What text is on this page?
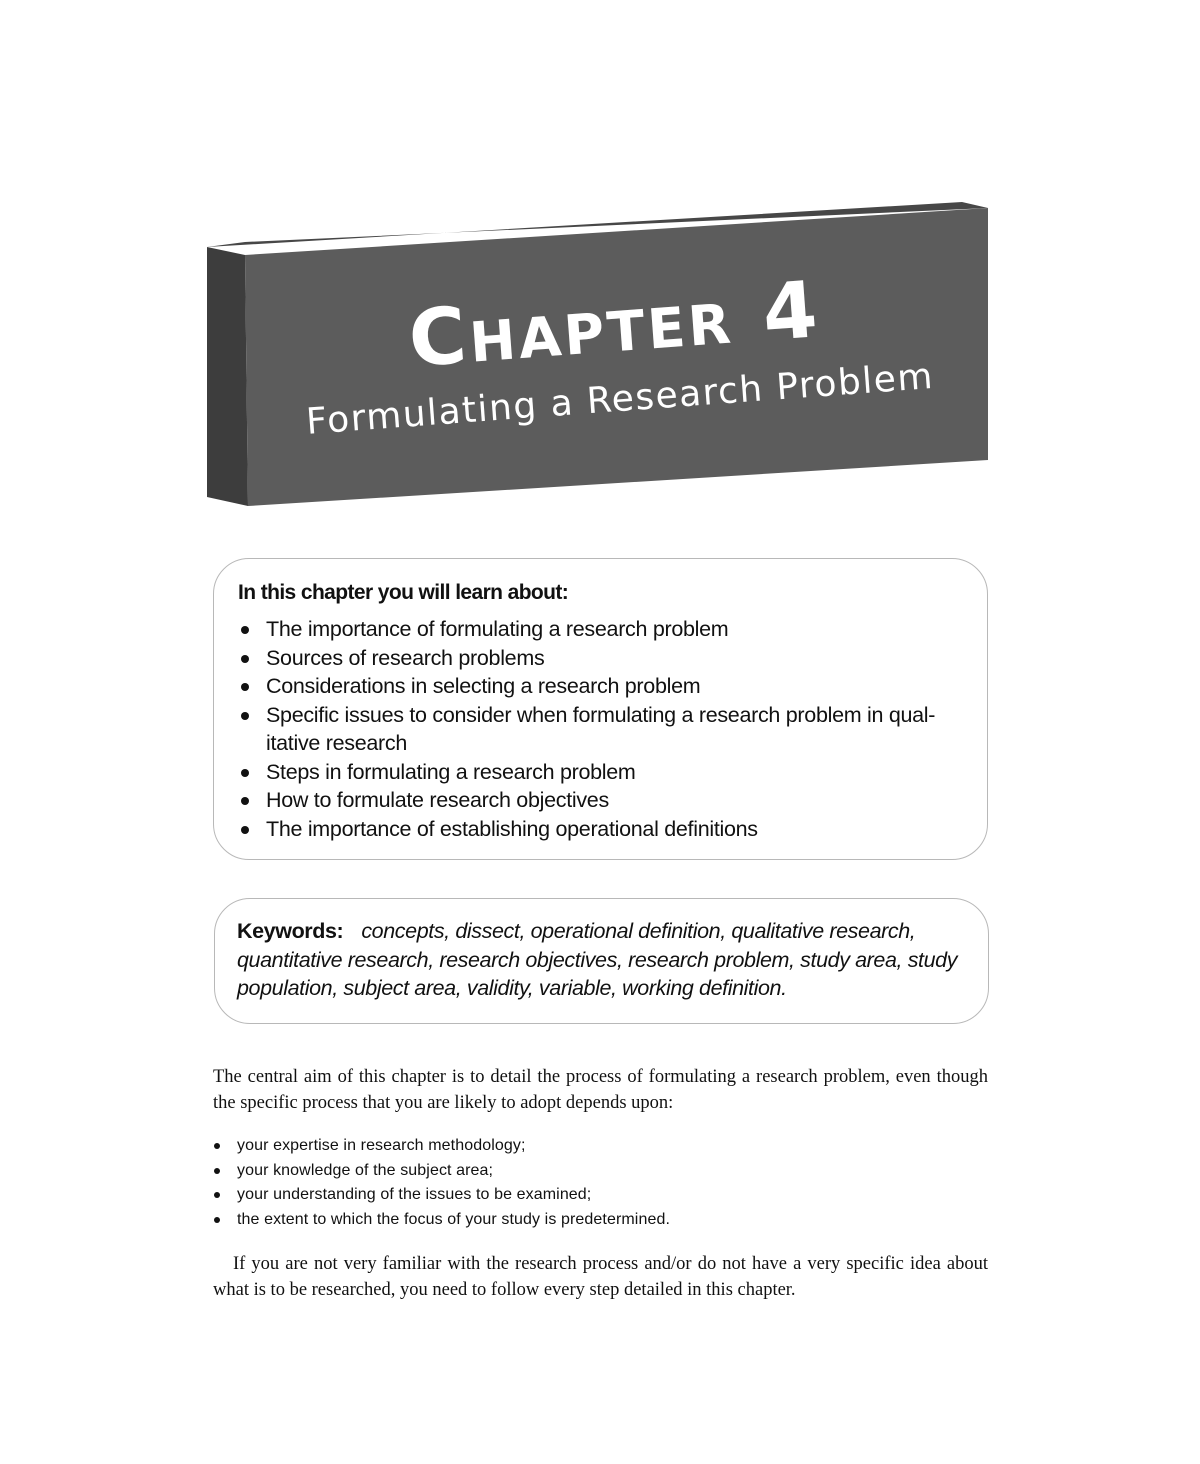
Chapter 4
Formulating a Research Problem
In this chapter you will learn about:
The importance of formulating a research problem
Sources of research problems
Considerations in selecting a research problem
Specific issues to consider when formulating a research problem in qual-itative research
Steps in formulating a research problem
How to formulate research objectives
The importance of establishing operational definitions
Keywords: concepts, dissect, operational definition, qualitative research, quantitative research, research objectives, research problem, study area, study population, subject area, validity, variable, working definition.

The central aim of this chapter is to detail the process of formulating a research problem, even though the specific process that you are likely to adopt depends upon:

your expertise in research methodology;
your knowledge of the subject area;
your understanding of the issues to be examined;
the extent to which the focus of your study is predetermined.

If you are not very familiar with the research process and/or do not have a very specific idea about what is to be researched, you need to follow every step detailed in this chapter.
